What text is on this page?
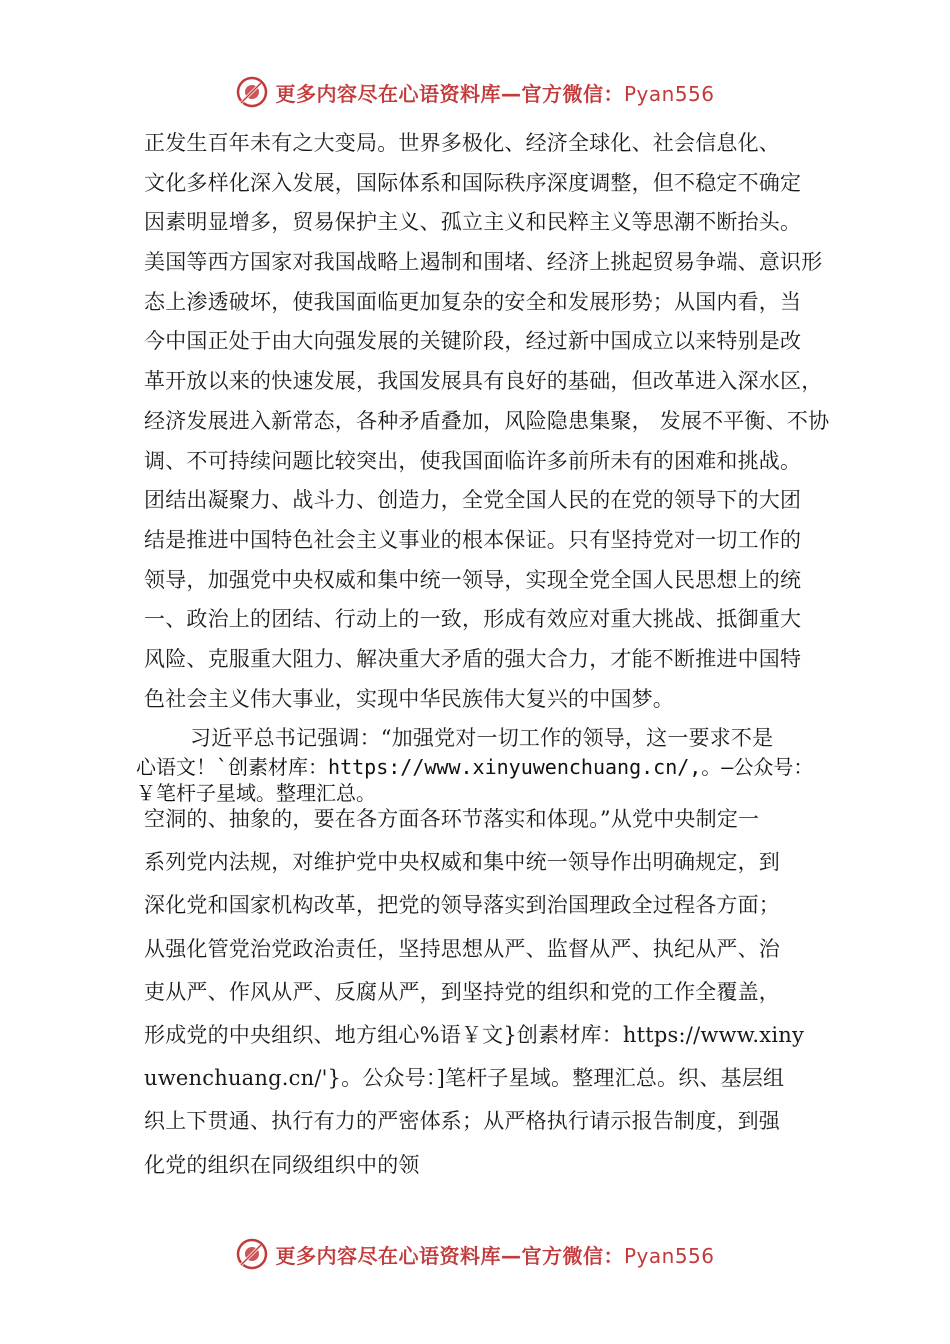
更多内容尽在心语资料库—官方微信：Pyan556
正发生百年未有之大变局。世界多极化、经济全球化、社会信息化、
文化多样化深入发展，国际体系和国际秩序深度调整，但不稳定不确定
因素明显增多，贸易保护主义、孤立主义和民粹主义等思潮不断抬头。
美国等西方国家对我国战略上遏制和围堵、经济上挑起贸易争端、意识形
态上渗透破坏，使我国面临更加复杂的安全和发展形势；从国内看，当
今中国正处于由大向强发展的关键阶段，经过新中国成立以来特别是改
革开放以来的快速发展，我国发展具有良好的基础，但改革进入深水区，
经济发展进入新常态，各种矛盾叠加，风险隐患集聚， 发展不平衡、不协
调、不可持续问题比较突出，使我国面临许多前所未有的困难和挑战。
团结出凝聚力、战斗力、创造力，全党全国人民的在党的领导下的大团
结是推进中国特色社会主义事业的根本保证。只有坚持党对一切工作的
领导，加强党中央权威和集中统一领导，实现全党全国人民思想上的统
一、政治上的团结、行动上的一致，形成有效应对重大挑战、抵御重大
风险、克服重大阻力、解决重大矛盾的强大合力，才能不断推进中国特
色社会主义伟大事业，实现中华民族伟大复兴的中国梦。
习近平总书记强调：“加强党对一切工作的领导，这一要求不是
心语文！`创素材库：https://www.xinyuwenchuang.cn/,。—公众号：
￥笔杆子星域。整理汇总。
空洞的、抽象的，要在各方面各环节落实和体现。”从党中央制定一
系列党内法规，对维护党中央权威和集中统一领导作出明确规定，到
深化党和国家机构改革，把党的领导落实到治国理政全过程各方面；
从强化管党治党政治责任，坚持思想从严、监督从严、执纪从严、治
吏从严、作风从严、反腐从严，到坚持党的组织和党的工作全覆盖，
形成党的中央组织、地方组心%语￥文}创素材库：https://www.xiny
uwenchuang.cn/'}。公众号：]笔杆子星域。整理汇总。织、基层组
织上下贯通、执行有力的严密体系；从严格执行请示报告制度，到强
化党的组织在同级组织中的领
更多内容尽在心语资料库—官方微信：Pyan556
